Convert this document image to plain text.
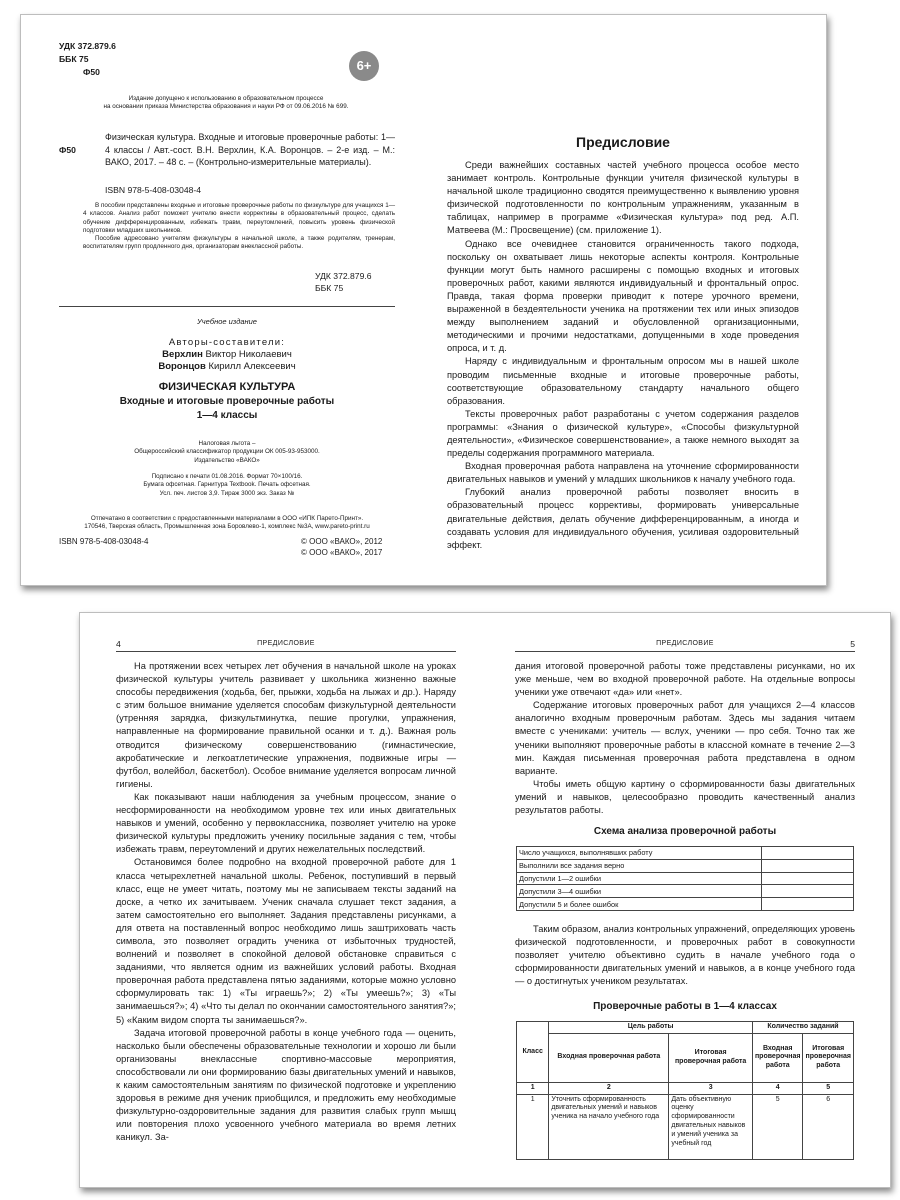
УДК 372.879.6
ББК 75
Ф50	6+
Издание допущено к использованию в образовательном процессе
на основании приказа Министерства образования и науки РФ от 09.06.2016 № 699.
Ф50
Физическая культура. Входные и итоговые проверочные работы: 1—4 классы / Авт.-сост. В.Н. Верхлин, К.А. Воронцов. – 2-е изд. – М.: ВАКО, 2017. – 48 с. – (Контрольно-измерительные материалы).
ISBN 978-5-408-03048-4
В пособии представлены входные и итоговые проверочные работы по физкультуре для учащихся 1—4 классов. Анализ работ поможет учителю внести коррективы в образовательный процесс, сделать обучение дифференцированным, избежать травм, переутомлений, повысить уровень физической подготовки младших школьников.
Пособие адресовано учителям физкультуры в начальной школе, а также родителям, тренерам, воспитателям групп продленного дня, организаторам внеклассной работы.
УДК 372.879.6
ББК 75
Учебное издание
Авторы-составители:
Верхлин Виктор Николаевич
Воронцов Кирилл Алексеевич
ФИЗИЧЕСКАЯ КУЛЬТУРА
Входные и итоговые проверочные работы
1—4 классы
Налоговая льгота –
Общероссийский классификатор продукции ОК 005-93-953000.
Издательство «ВАКО»
Подписано к печати 01.08.2016. Формат 70×100/16.
Бумага офсетная. Гарнитура Textbook. Печать офсетная.
Усл. печ. листов 3,9. Тираж 3000 экз. Заказ №
Отпечатано в соответствии с предоставленными материалами в ООО «ИПК Парето-Принт».
170546, Тверская область, Промышленная зона Боровлево-1, комплекс №3А, www.pareto-print.ru
ISBN 978-5-408-03048-4	© ООО «ВАКО», 2012
© ООО «ВАКО», 2017
Предисловие

Среди важнейших составных частей учебного процесса особое место занимает контроль. Контрольные функции учителя физической культуры в начальной школе традиционно сводятся преимущественно к выявлению уровня физической подготовленности по контрольным упражнениям, указанным в таблицах, например в программе «Физическая культура» под ред. А.П. Матвеева (М.: Просвещение) (см. приложение 1).

Однако все очевиднее становится ограниченность такого подхода, поскольку он охватывает лишь некоторые аспекты контроля. Контрольные функции могут быть намного расширены с помощью входных и итоговых проверочных работ, какими являются индивидуальный и фронтальный опрос. Правда, такая форма проверки приводит к потере урочного времени, выраженной в бездеятельности ученика на протяжении тех или иных эпизодов между выполнением заданий и обусловленной организационными, методическими и прочими недостатками, допущенными в ходе проведения опроса, и т. д.

Наряду с индивидуальным и фронтальным опросом мы в нашей школе проводим письменные входные и итоговые проверочные работы, соответствующие образовательному стандарту начального общего образования.

Тексты проверочных работ разработаны с учетом содержания разделов программы: «Знания о физической культуре», «Способы физкультурной деятельности», «Физическое совершенствование», а также немного выходят за пределы содержания программного материала.

Входная проверочная работа направлена на уточнение сформированности двигательных навыков и умений у младших школьников к началу учебного года.

Глубокий анализ проверочной работы позволяет вносить в образовательный процесс коррективы, формировать универсальные двигательные действия, делать обучение дифференцированным, а иногда и создавать условия для индивидуального обучения, усиливая оздоровительный эффект.

4	ПРЕДИСЛОВИЕ

На протяжении всех четырех лет обучения в начальной школе на уроках физической культуры учитель развивает у школьника жизненно важные способы передвижения (ходьба, бег, прыжки, ходьба на лыжах и др.). Наряду с этим большое внимание уделяется способам физкультурной деятельности (утренняя зарядка, физкультминутка, пешие прогулки, упражнения, направленные на формирование правильной осанки и т. д.). Важная роль отводится физическому совершенствованию (гимнастические, акробатические и легкоатлетические упражнения, подвижные игры — футбол, волейбол, баскетбол). Особое внимание уделяется вопросам личной гигиены.

Как показывают наши наблюдения за учебным процессом, знание о несформированности на необходимом уровне тех или иных двигательных навыков и умений, особенно у первоклассника, позволяет учителю на уроке физической культуры предложить ученику посильные задания с тем, чтобы избежать травм, переутомлений и других нежелательных последствий.

Остановимся более подробно на входной проверочной работе для 1 класса четырехлетней начальной школы. Ребенок, поступивший в первый класс, еще не умеет читать, поэтому мы не записываем тексты заданий на доске, а четко их зачитываем. Ученик сначала слушает текст задания, а затем самостоятельно его выполняет. Задания представлены рисунками, а для ответа на поставленный вопрос необходимо лишь заштриховать часть символа, это позволяет оградить ученика от избыточных трудностей, волнений и позволяет в спокойной деловой обстановке справиться с заданиями, что является одним из важнейших условий работы. Входная проверочная работа представлена пятью заданиями, которые можно условно сформулировать так: 1) «Ты играешь?»; 2) «Ты умеешь?»; 3) «Ты занимаешься?»; 4) «Что ты делал по окончании самостоятельного занятия?»; 5) «Каким видом спорта ты занимаешься?».

Задача итоговой проверочной работы в конце учебного года — оценить, насколько были обеспечены образовательные технологии и хорошо ли были организованы внеклассные спортивно-массовые мероприятия, способствовали ли они формированию базы двигательных умений и навыков, к каким самостоятельным занятиям по физической подготовке и укреплению здоровья в режиме дня ученик приобщился, и предложить ему необходимые физкультурно-оздоровительные задания для развития слабых групп мышц или повторения плохо усвоенного учебного материала во время летних каникул. За-

ПРЕДИСЛОВИЕ	5

дания итоговой проверочной работы тоже представлены рисунками, но их уже меньше, чем во входной проверочной работе. На отдельные вопросы ученики уже отвечают «да» или «нет».

Содержание итоговых проверочных работ для учащихся 2—4 классов аналогично входным проверочным работам. Здесь мы задания читаем вместе с учениками: учитель — вслух, ученики — про себя. Точно так же ученики выполняют проверочные работы в классной комнате в течение 2—3 мин. Каждая письменная проверочная работа представлена в одном варианте.

Чтобы иметь общую картину о сформированности базы двигательных умений и навыков, целесообразно проводить качественный анализ результатов работы.

Схема анализа проверочной работы
Число учащихся, выполнявших работу	
Выполнили все задания верно	
Допустили 1—2 ошибки	
Допустили 3—4 ошибки	
Допустили 5 и более ошибок	

Таким образом, анализ контрольных упражнений, определяющих уровень физической подготовленности, и проверочных работ в совокупности позволяет учителю объективно судить в начале учебного года о сформированности двигательных умений и навыков, а в конце учебного года — о достигнутых учеником результатах.

Проверочные работы в 1—4 классах
Класс	Цель работы		Количество заданий	
	Входная проверочная работа	Итоговая проверочная работа	Входная проверочная работа	Итоговая проверочная работа
1	2	3	4	5
1	Уточнить сформированность двигательных умений и навыков ученика на начало учебного года	Дать объективную оценку сформированности двигательных навыков и умений ученика за учебный год	5	6
